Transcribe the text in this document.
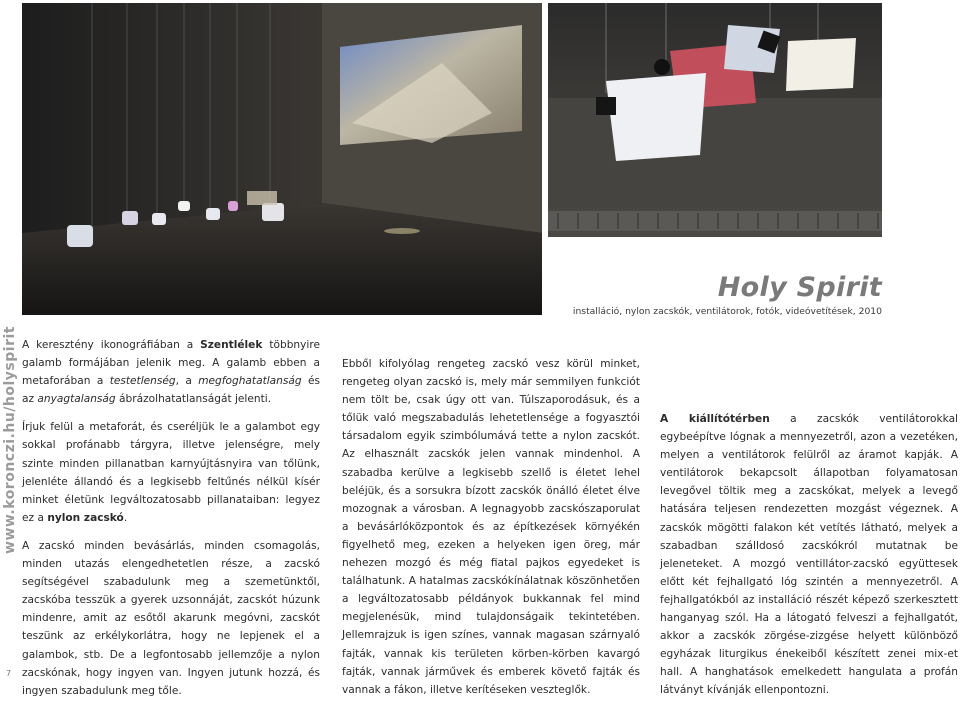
www.koronczi.hu/holyspirit
7
Holy Spirit
installáció, nylon zacskók, ventilátorok, fotók, videóvetítések, 2010

A keresztény ikonográfiában a Szentlélek többnyire galamb formájában jelenik meg. A galamb ebben a metaforában a testetlenség, a megfoghatatlanság és az anyagtalanság ábrázolhatatlanságát jelenti.

Írjuk felül a metaforát, és cseréljük le a galambot egy sokkal profánabb tárgyra, illetve jelenségre, mely szinte minden pillanatban karnyújtásnyira van tőlünk, jelenléte állandó és a legkisebb feltűnés nélkül kísér minket életünk legváltozatosabb pillanataiban: legyez ez a nylon zacskó.

A zacskó minden bevásárlás, minden csomagolás, minden utazás elengedhetetlen része, a zacskó segítségével szabadulunk meg a szemetünktől, zacskóba tesszük a gyerek uzsonnáját, zacskót húzunk mindenre, amit az esőtől akarunk megóvni, zacskót teszünk az erkélykorlátra, hogy ne lepjenek el a galambok, stb. De a legfontosabb jellemzője a nylon zacskónak, hogy ingyen van. Ingyen jutunk hozzá, és ingyen szabadulunk meg tőle.

Ebből kifolyólag rengeteg zacskó vesz körül minket, rengeteg olyan zacskó is, mely már semmilyen funkciót nem tölt be, csak úgy ott van. Túlszaporodásuk, és a tőlük való megszabadulás lehetetlensége a fogyasztói társadalom egyik szimbólumává tette a nylon zacskót. Az elhasznált zacskók jelen vannak mindenhol. A szabadba kerülve a legkisebb szellő is életet lehel beléjük, és a sorsukra bízott zacskók önálló életet élve mozognak a városban. A legnagyobb zacskószaporulat a bevásárlóközpontok és az építkezések környékén figyelhető meg, ezeken a helyeken igen öreg, már nehezen mozgó és még fiatal pajkos egyedeket is találhatunk. A hatalmas zacskókínálatnak köszönhetően a legváltozatosabb példányok bukkannak fel mind megjelenésük, mind tulajdonságaik tekintetében. Jellemrajzuk is igen színes, vannak magasan szárnyaló fajták, vannak kis területen körben-körben kavargó fajták, vannak járművek és emberek követő fajták és vannak a fákon, illetve kerítéseken veszteglők.

A kiállítótérben a zacskók ventilátorokkal egybeépítve lógnak a mennyezetről, azon a vezetéken, melyen a ventilátorok felülről az áramot kapják. A ventilátorok bekapcsolt állapotban folyamatosan levegővel töltik meg a zacskókat, melyek a levegő hatására teljesen rendezetten mozgást végeznek. A zacskók mögötti falakon két vetítés látható, melyek a szabadban szálldosó zacskókról mutatnak be jeleneteket. A mozgó ventillátor-zacskó együttesek előtt két fejhallgató lóg szintén a mennyezetről. A fejhallgatókból az installáció részét képező szerkesztett hanganyag szól. Ha a látogató felveszi a fejhallgatót, akkor a zacskók zörgése-zizgése helyett különböző egyházak liturgikus énekeiből készített zenei mix-et hall. A hanghatások emelkedett hangulata a profán látványt kívánják ellenpontozni.
